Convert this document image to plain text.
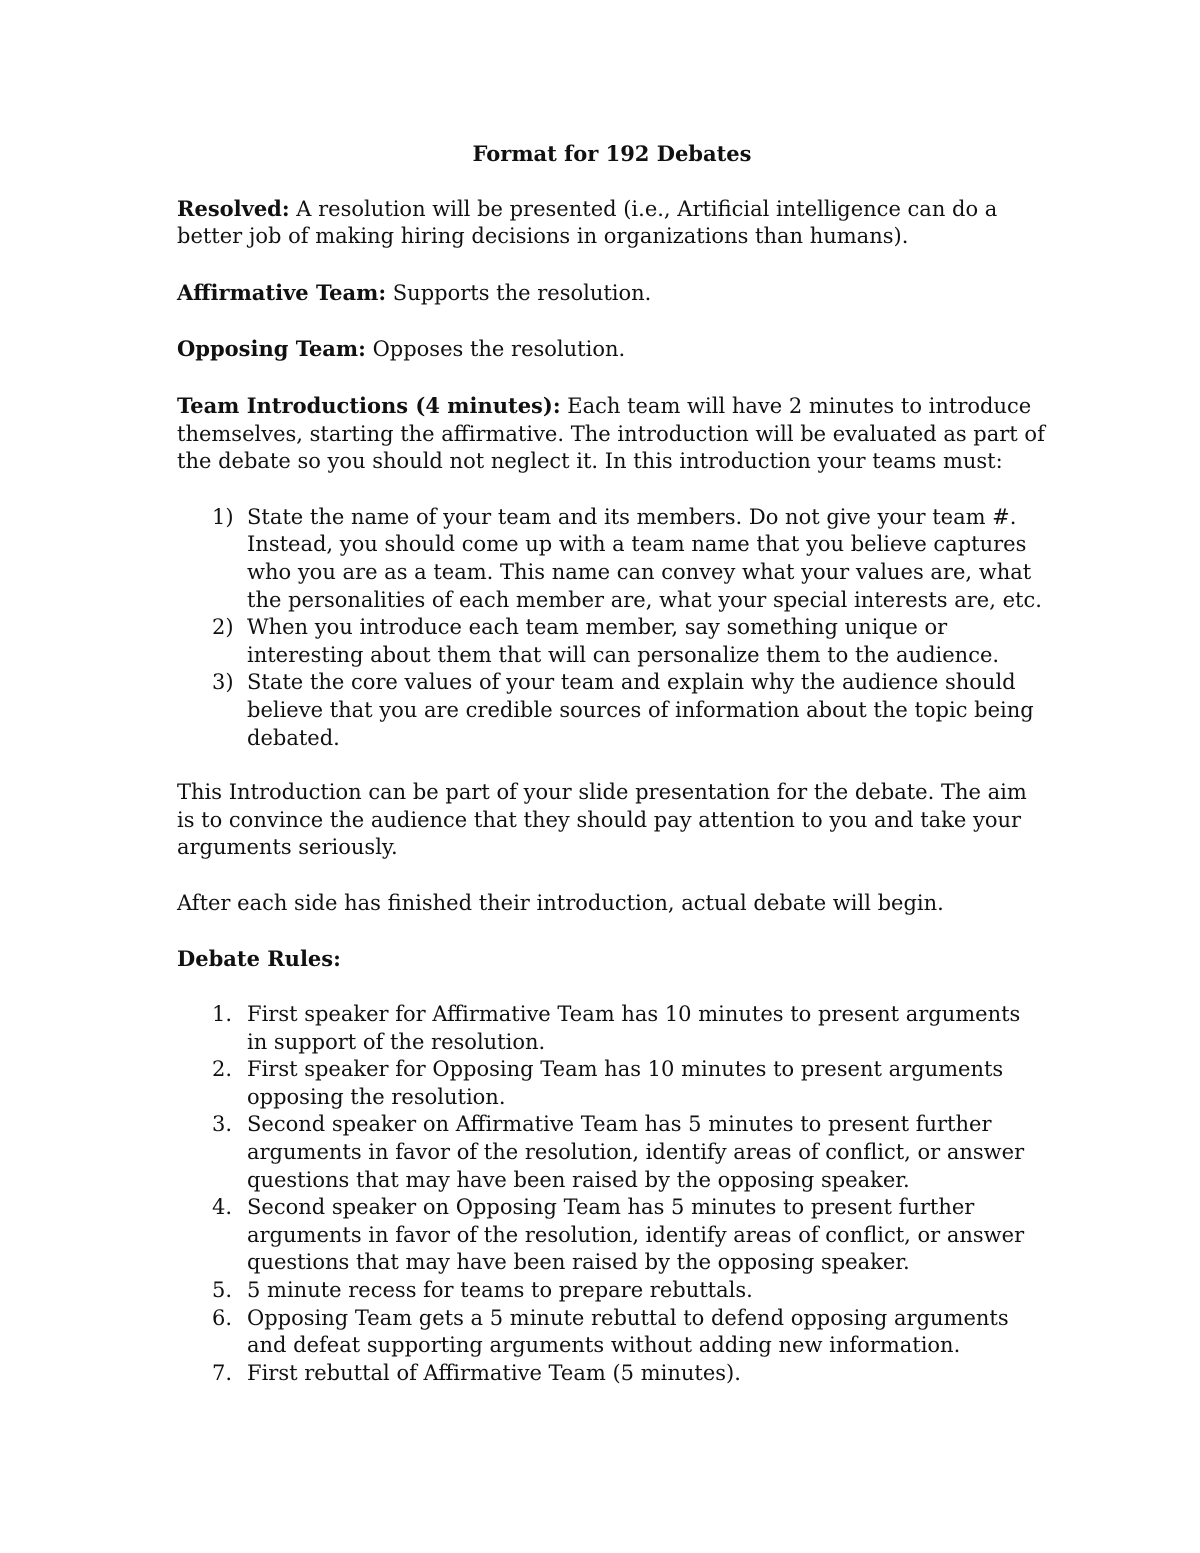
Format for 192 Debates

Resolved: A resolution will be presented (i.e., Artificial intelligence can do a better job of making hiring decisions in organizations than humans).

Affirmative Team: Supports the resolution.

Opposing Team: Opposes the resolution.

Team Introductions (4 minutes): Each team will have 2 minutes to introduce themselves, starting the affirmative. The introduction will be evaluated as part of the debate so you should not neglect it. In this introduction your teams must:

1) State the name of your team and its members. Do not give your team #. Instead, you should come up with a team name that you believe captures who you are as a team. This name can convey what your values are, what the personalities of each member are, what your special interests are, etc.
2) When you introduce each team member, say something unique or interesting about them that will can personalize them to the audience.
3) State the core values of your team and explain why the audience should believe that you are credible sources of information about the topic being debated.

This Introduction can be part of your slide presentation for the debate. The aim is to convince the audience that they should pay attention to you and take your arguments seriously.

After each side has finished their introduction, actual debate will begin.

Debate Rules:
1. First speaker for Affirmative Team has 10 minutes to present arguments in support of the resolution.
2. First speaker for Opposing Team has 10 minutes to present arguments opposing the resolution.
3. Second speaker on Affirmative Team has 5 minutes to present further arguments in favor of the resolution, identify areas of conflict, or answer questions that may have been raised by the opposing speaker.
4. Second speaker on Opposing Team has 5 minutes to present further arguments in favor of the resolution, identify areas of conflict, or answer questions that may have been raised by the opposing speaker.
5. 5 minute recess for teams to prepare rebuttals.
6. Opposing Team gets a 5 minute rebuttal to defend opposing arguments and defeat supporting arguments without adding new information.
7. First rebuttal of Affirmative Team (5 minutes).
